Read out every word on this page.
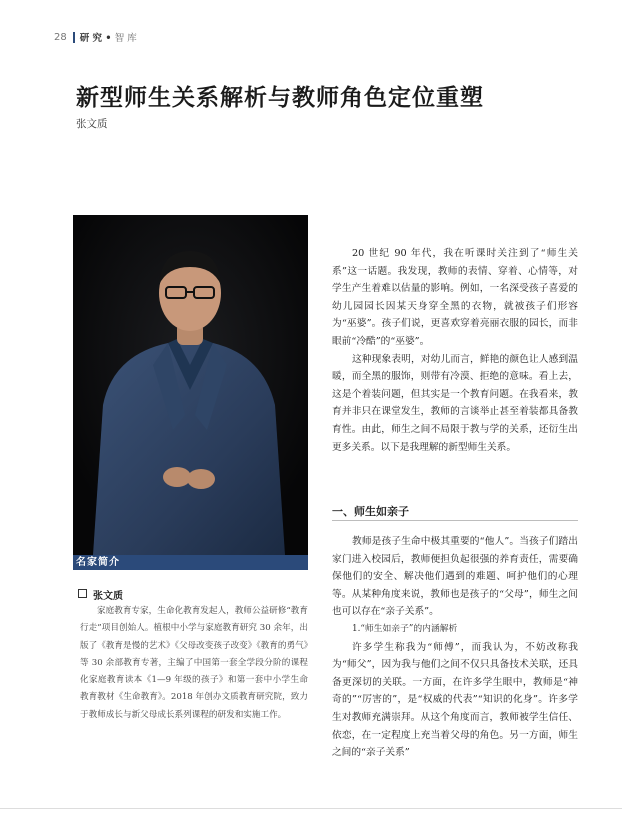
28 研 究 • 智 库
新型师生关系解析与教师角色定位重塑
张文质
名家简介
张文质
家庭教育专家，生命化教育发起人，教师公益研修“教育行走”项目创始人。植根中小学与家庭教育研究 30 余年，出版了《教育是慢的艺术》《父母改变孩子改变》《教育的勇气》等 30 余部教育专著，主编了中国第一套全学段分阶的课程化家庭教育读本《1—9 年级的孩子》和第一套中小学生命教育教材《生命教育》。2018 年创办文质教育研究院，致力于教师成长与新父母成长系列课程的研发和实施工作。

20 世纪 90 年代，我在听课时关注到了“师生关系”这一话题。我发现，教师的表情、穿着、心情等，对学生产生着难以估量的影响。例如，一名深受孩子喜爱的幼儿园园长因某天身穿全黑的衣物，就被孩子们形容为“巫婆”。孩子们说，更喜欢穿着亮丽衣服的园长，而非眼前“冷酷”的“巫婆”。

这种现象表明，对幼儿而言，鲜艳的颜色让人感到温暖，而全黑的服饰，则带有冷漠、拒绝的意味。看上去，这是个着装问题，但其实是一个教育问题。在我看来，教育并非只在课堂发生，教师的言谈举止甚至着装都具备教育性。由此，师生之间不局限于教与学的关系，还衍生出更多关系。以下是我理解的新型师生关系。

一、师生如亲子

教师是孩子生命中极其重要的“他人”。当孩子们踏出家门进入校园后，教师便担负起很强的养育责任，需要确保他们的安全、解决他们遇到的难题、呵护他们的心理等。从某种角度来说，教师也是孩子的“父母”，师生之间也可以存在“亲子关系”。

1.“师生如亲子”的内涵解析

许多学生称我为“师傅”，而我认为，不妨改称我为“师父”，因为我与他们之间不仅只具备技术关联，还具备更深切的关联。一方面，在许多学生眼中，教师是“神奇的”“厉害的”，是“权威的代表”“知识的化身”。许多学生对教师充满崇拜。从这个角度而言，教师被学生信任、依恋，在一定程度上充当着父母的角色。另一方面，师生之间的“亲子关系”
